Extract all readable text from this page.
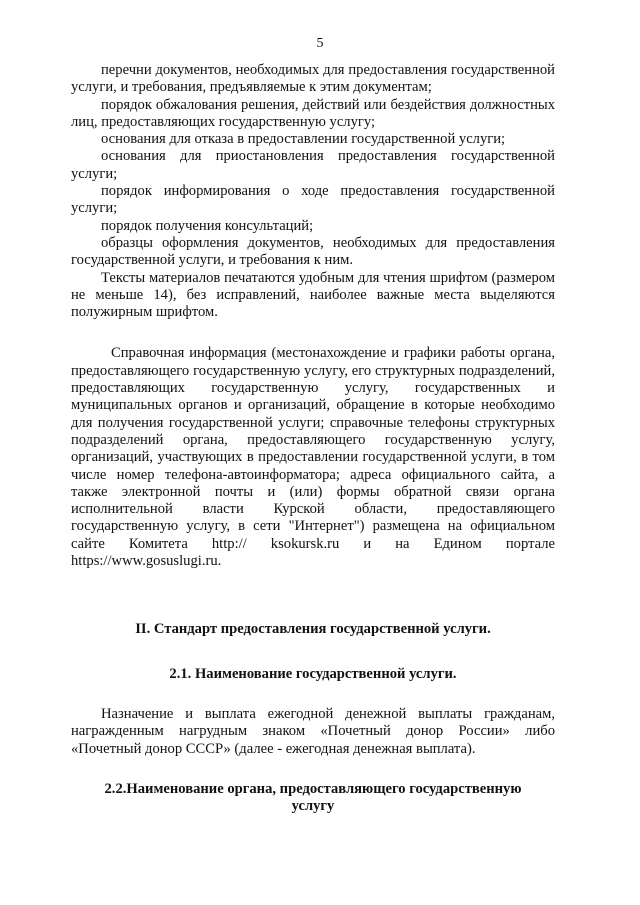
5

перечни документов, необходимых для предоставления государственной услуги, и требования, предъявляемые к этим документам;

порядок обжалования решения, действий или бездействия должностных лиц, предоставляющих государственную услугу;

основания для отказа в предоставлении государственной услуги;

основания для приостановления предоставления государственной услуги;

порядок информирования о ходе предоставления государственной услуги;

порядок получения консультаций;

образцы оформления документов, необходимых для предоставления государственной услуги, и требования к ним.

Тексты материалов печатаются удобным для чтения шрифтом (размером не меньше 14), без исправлений, наиболее важные места выделяются полужирным шрифтом.

Справочная информация (местонахождение и графики работы органа, предоставляющего государственную услугу, его структурных подразделений, предоставляющих государственную услугу, государственных и муниципальных органов и организаций, обращение в которые необходимо для получения государственной услуги; справочные телефоны структурных подразделений органа, предоставляющего государственную услугу, организаций, участвующих в предоставлении государственной услуги, в том числе номер телефона-автоинформатора; адреса официального сайта, а также электронной почты и (или) формы обратной связи органа исполнительной власти Курской области, предоставляющего государственную услугу, в сети "Интернет") размещена на официальном сайте Комитета http:// ksokursk.ru и на Едином портале https://www.gosuslugi.ru.

II. Стандарт предоставления государственной услуги.

2.1. Наименование государственной услуги.

Назначение и выплата ежегодной денежной выплаты гражданам, награжденным нагрудным знаком «Почетный донор России» либо «Почетный донор СССР» (далее - ежегодная денежная выплата).

2.2.Наименование органа, предоставляющего государственную

услугу
